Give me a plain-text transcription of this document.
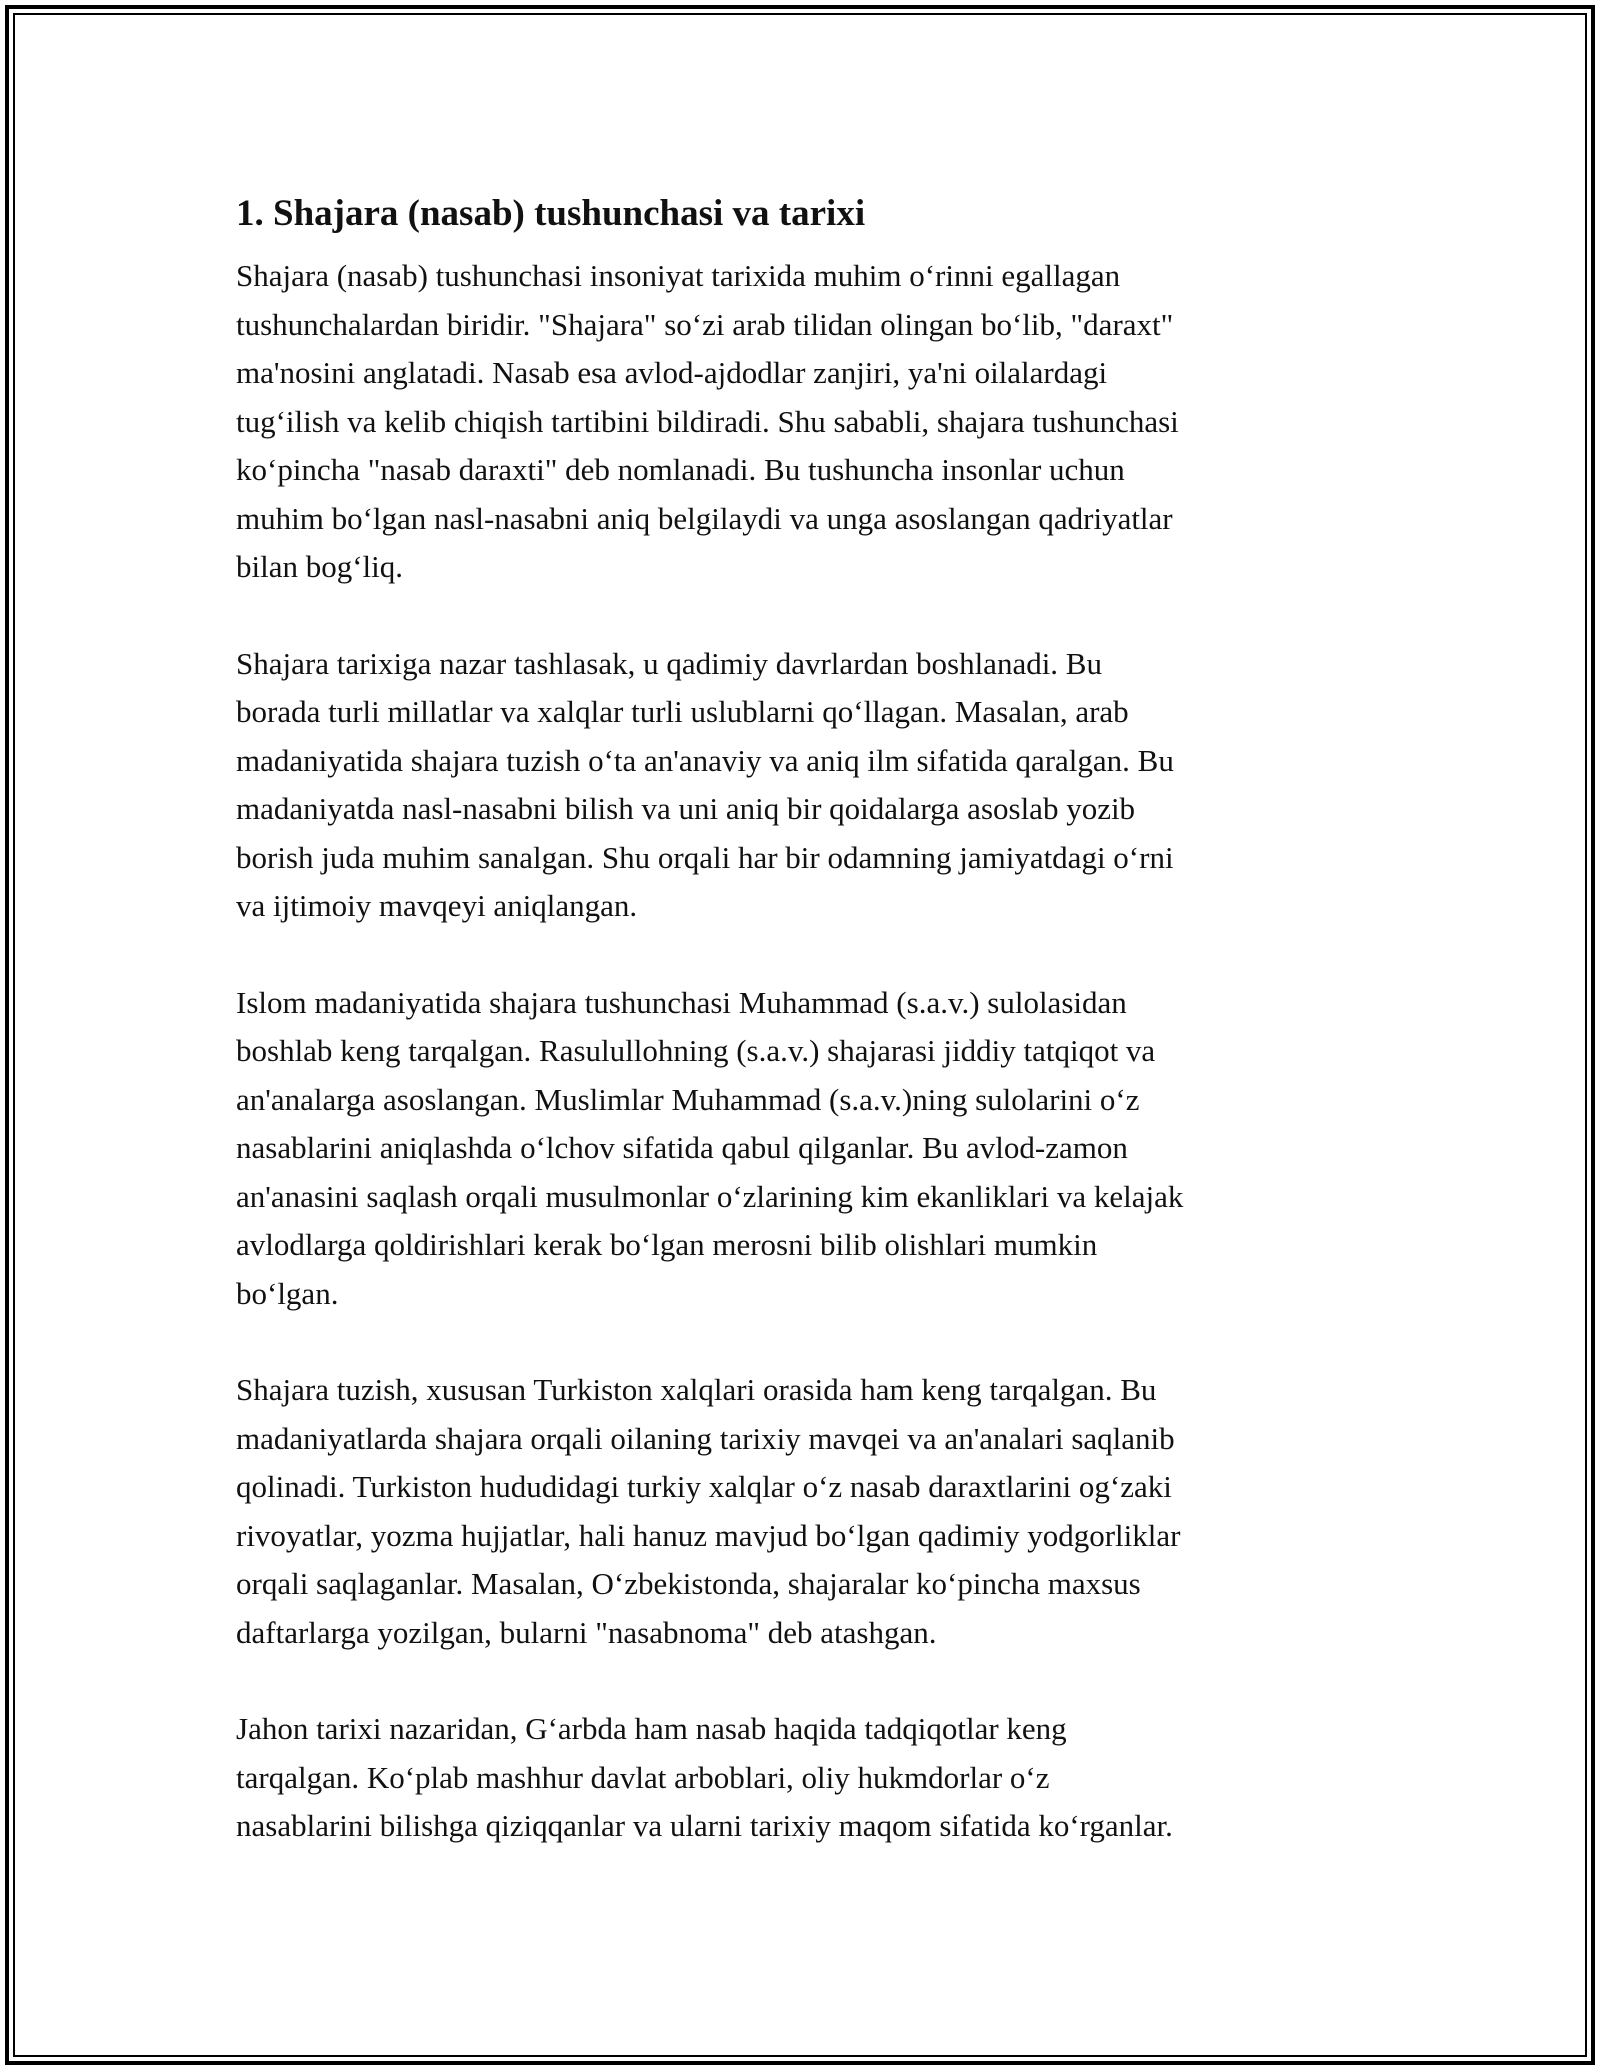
1. Shajara (nasab) tushunchasi va tarixi
Shajara (nasab) tushunchasi insoniyat tarixida muhim o‘rinni egallagan
tushunchalardan biridir. "Shajara" so‘zi arab tilidan olingan bo‘lib, "daraxt"
ma'nosini anglatadi. Nasab esa avlod-ajdodlar zanjiri, ya'ni oilalardagi
tug‘ilish va kelib chiqish tartibini bildiradi. Shu sababli, shajara tushunchasi
ko‘pincha "nasab daraxti" deb nomlanadi. Bu tushuncha insonlar uchun
muhim bo‘lgan nasl-nasabni aniq belgilaydi va unga asoslangan qadriyatlar
bilan bog‘liq.
Shajara tarixiga nazar tashlasak, u qadimiy davrlardan boshlanadi. Bu
borada turli millatlar va xalqlar turli uslublarni qo‘llagan. Masalan, arab
madaniyatida shajara tuzish o‘ta an'anaviy va aniq ilm sifatida qaralgan. Bu
madaniyatda nasl-nasabni bilish va uni aniq bir qoidalarga asoslab yozib
borish juda muhim sanalgan. Shu orqali har bir odamning jamiyatdagi o‘rni
va ijtimoiy mavqeyi aniqlangan.
Islom madaniyatida shajara tushunchasi Muhammad (s.a.v.) sulolasidan
boshlab keng tarqalgan. Rasulullohning (s.a.v.) shajarasi jiddiy tatqiqot va
an'analarga asoslangan. Muslimlar Muhammad (s.a.v.)ning sulolarini o‘z
nasablarini aniqlashda o‘lchov sifatida qabul qilganlar. Bu avlod-zamon
an'anasini saqlash orqali musulmonlar o‘zlarining kim ekanliklari va kelajak
avlodlarga qoldirishlari kerak bo‘lgan merosni bilib olishlari mumkin
bo‘lgan.
Shajara tuzish, xususan Turkiston xalqlari orasida ham keng tarqalgan. Bu
madaniyatlarda shajara orqali oilaning tarixiy mavqei va an'analari saqlanib
qolinadi. Turkiston hududidagi turkiy xalqlar o‘z nasab daraxtlarini og‘zaki
rivoyatlar, yozma hujjatlar, hali hanuz mavjud bo‘lgan qadimiy yodgorliklar
orqali saqlaganlar. Masalan, O‘zbekistonda, shajaralar ko‘pincha maxsus
daftarlarga yozilgan, bularni "nasabnoma" deb atashgan.
Jahon tarixi nazaridan, G‘arbda ham nasab haqida tadqiqotlar keng
tarqalgan. Ko‘plab mashhur davlat arboblari, oliy hukmdorlar o‘z
nasablarini bilishga qiziqqanlar va ularni tarixiy maqom sifatida ko‘rganlar.
